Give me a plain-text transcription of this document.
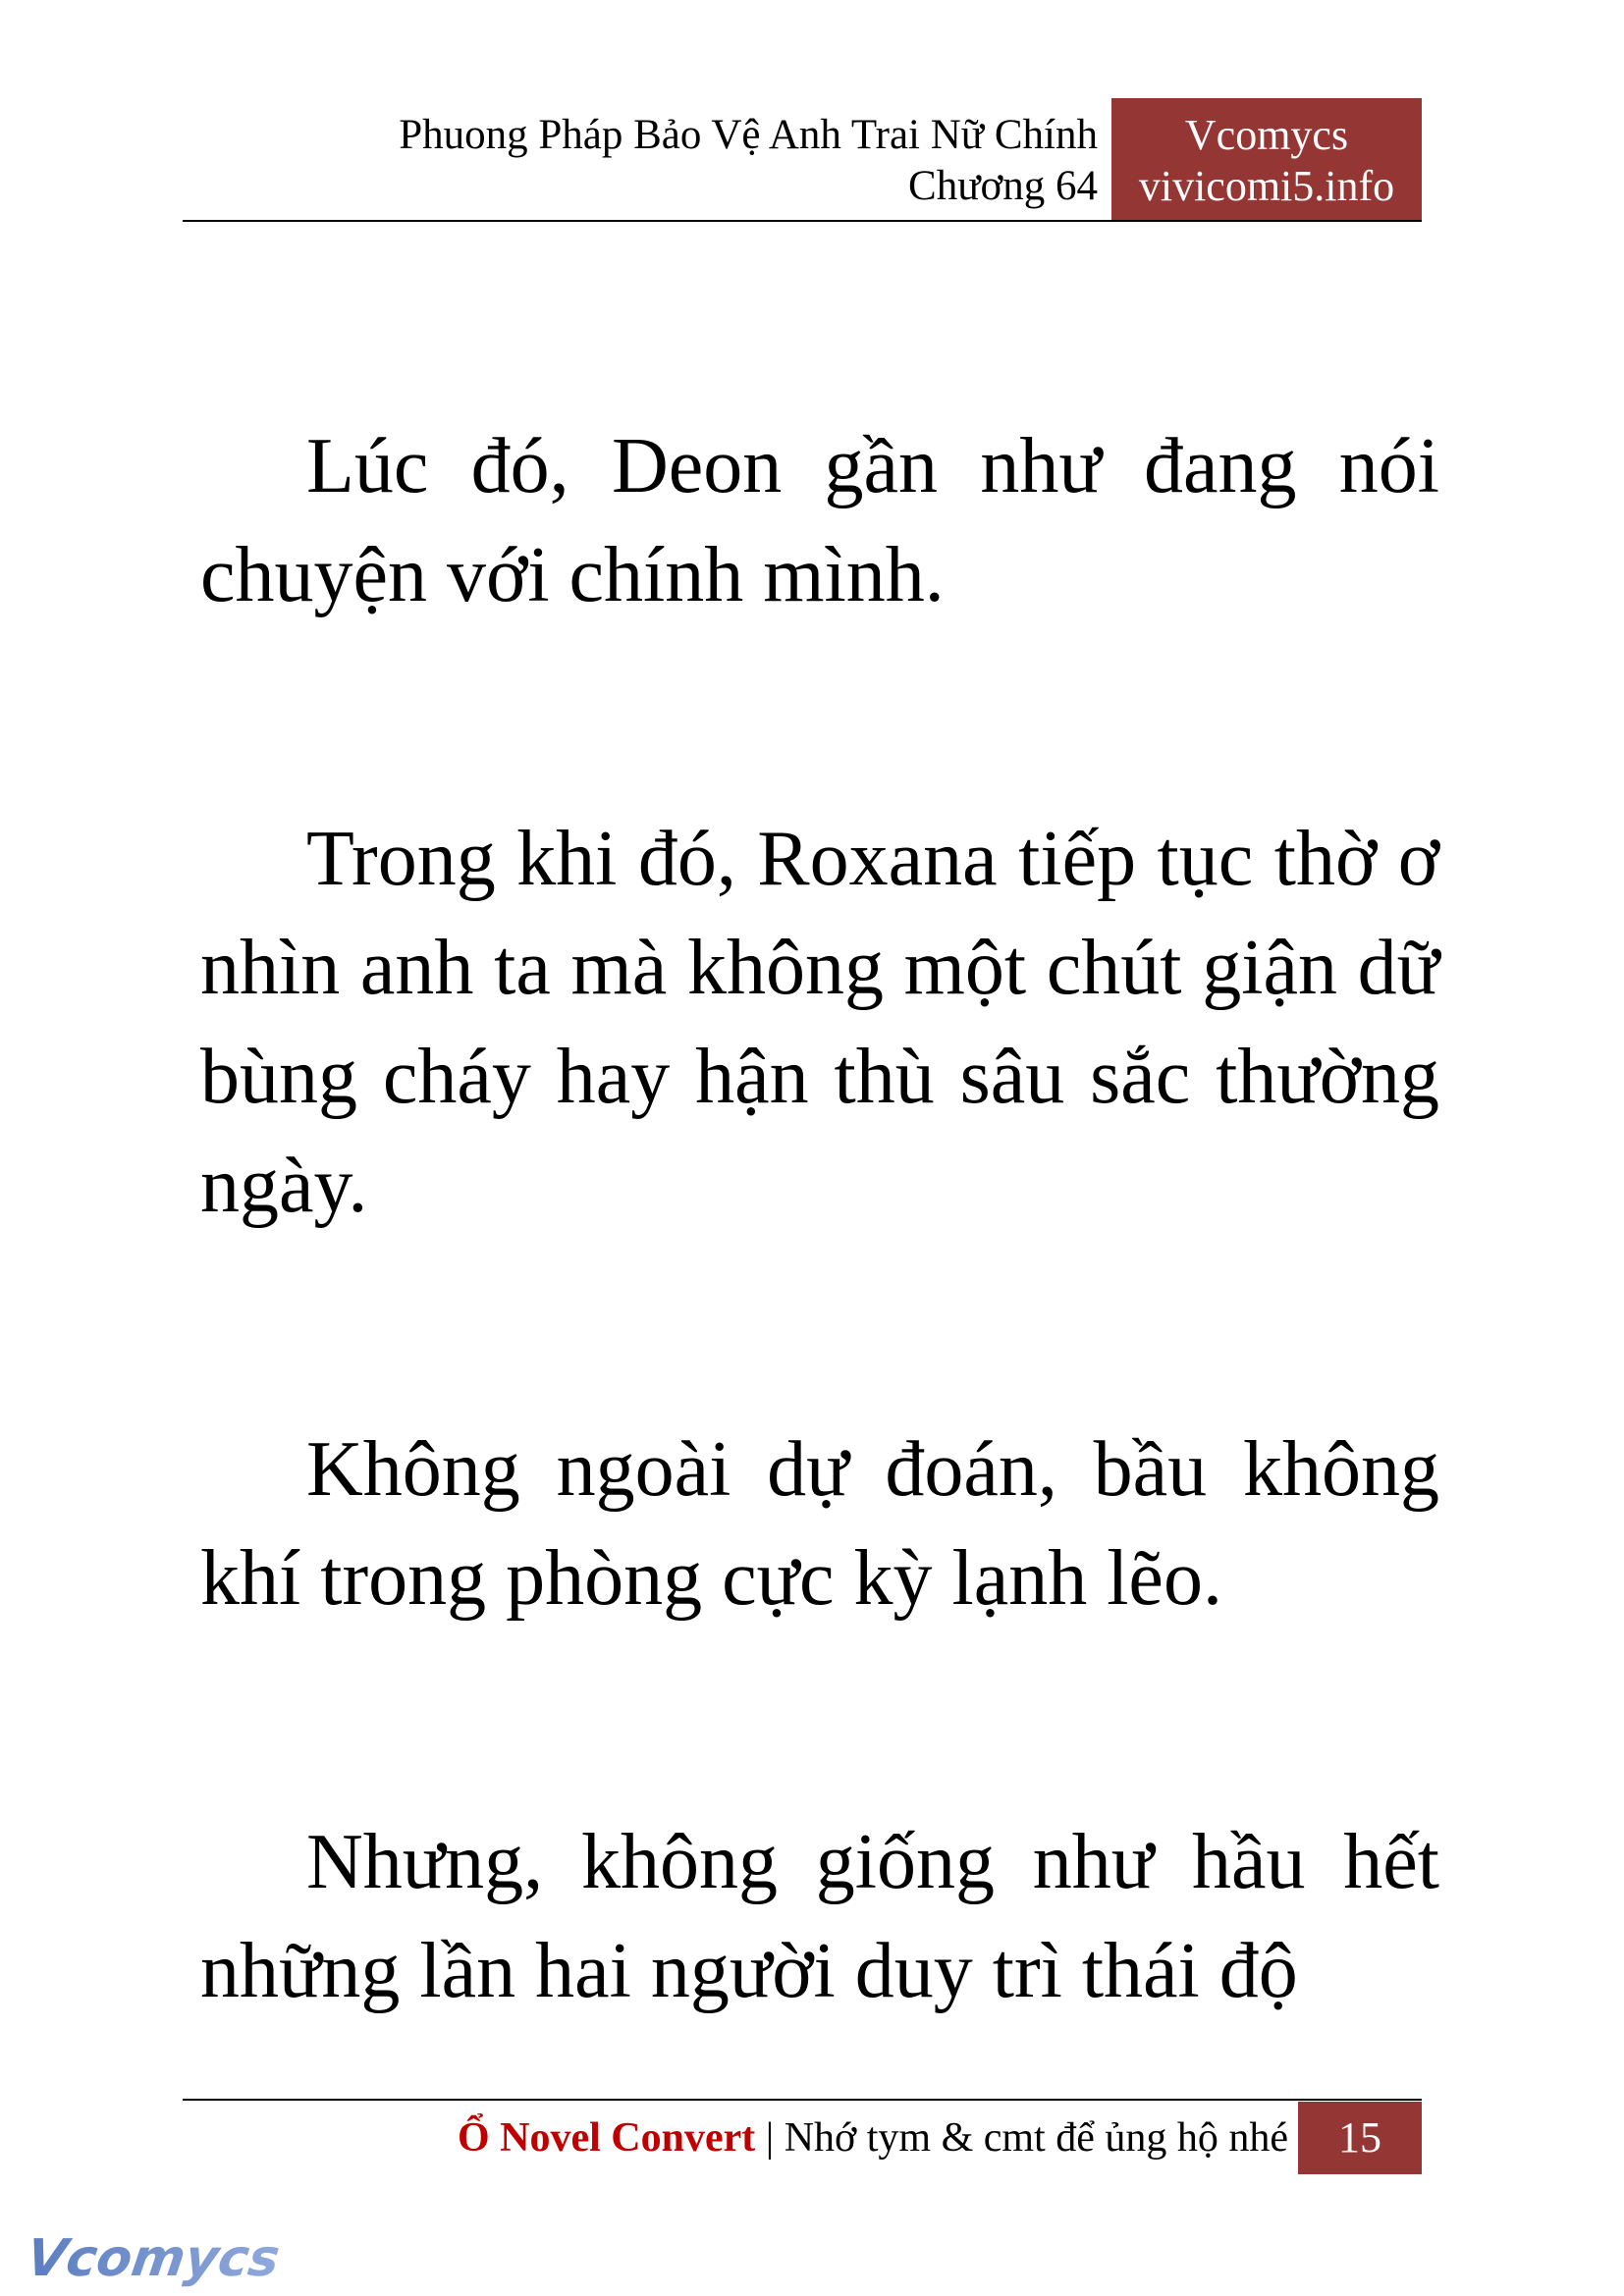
Phuong Pháp Bảo Vệ Anh Trai Nữ Chính
Chương 64
Vcomycs
vivicomi5.info

Lúc đó, Deon gần như đang nói chuyện với chính mình.

Trong khi đó, Roxana tiếp tục thờ ơ nhìn anh ta mà không một chút giận dữ bùng cháy hay hận thù sâu sắc thường ngày.

Không ngoài dự đoán, bầu không khí trong phòng cực kỳ lạnh lẽo.

Nhưng, không giống như hầu hết những lần hai người duy trì thái độ

Ổ Novel Convert | Nhớ tym & cmt để ủng hộ nhé	15
Vcomycs
